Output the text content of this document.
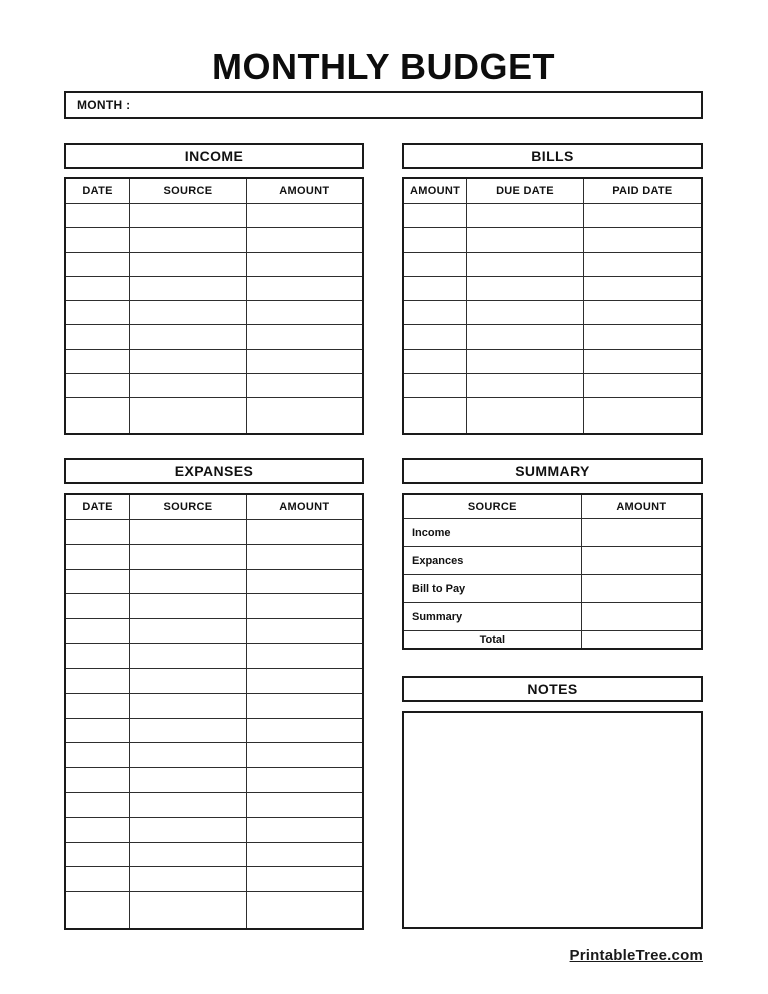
MONTHLY BUDGET
MONTH :
INCOME
DATE	SOURCE	AMOUNT

EXPANSES
DATE	SOURCE	AMOUNT

BILLS
AMOUNT	DUE DATE	PAID DATE

SUMMARY
SOURCE	AMOUNT
Income	
Expances	
Bill to Pay	
Summary	
Total	
NOTES
PrintableTree.com
